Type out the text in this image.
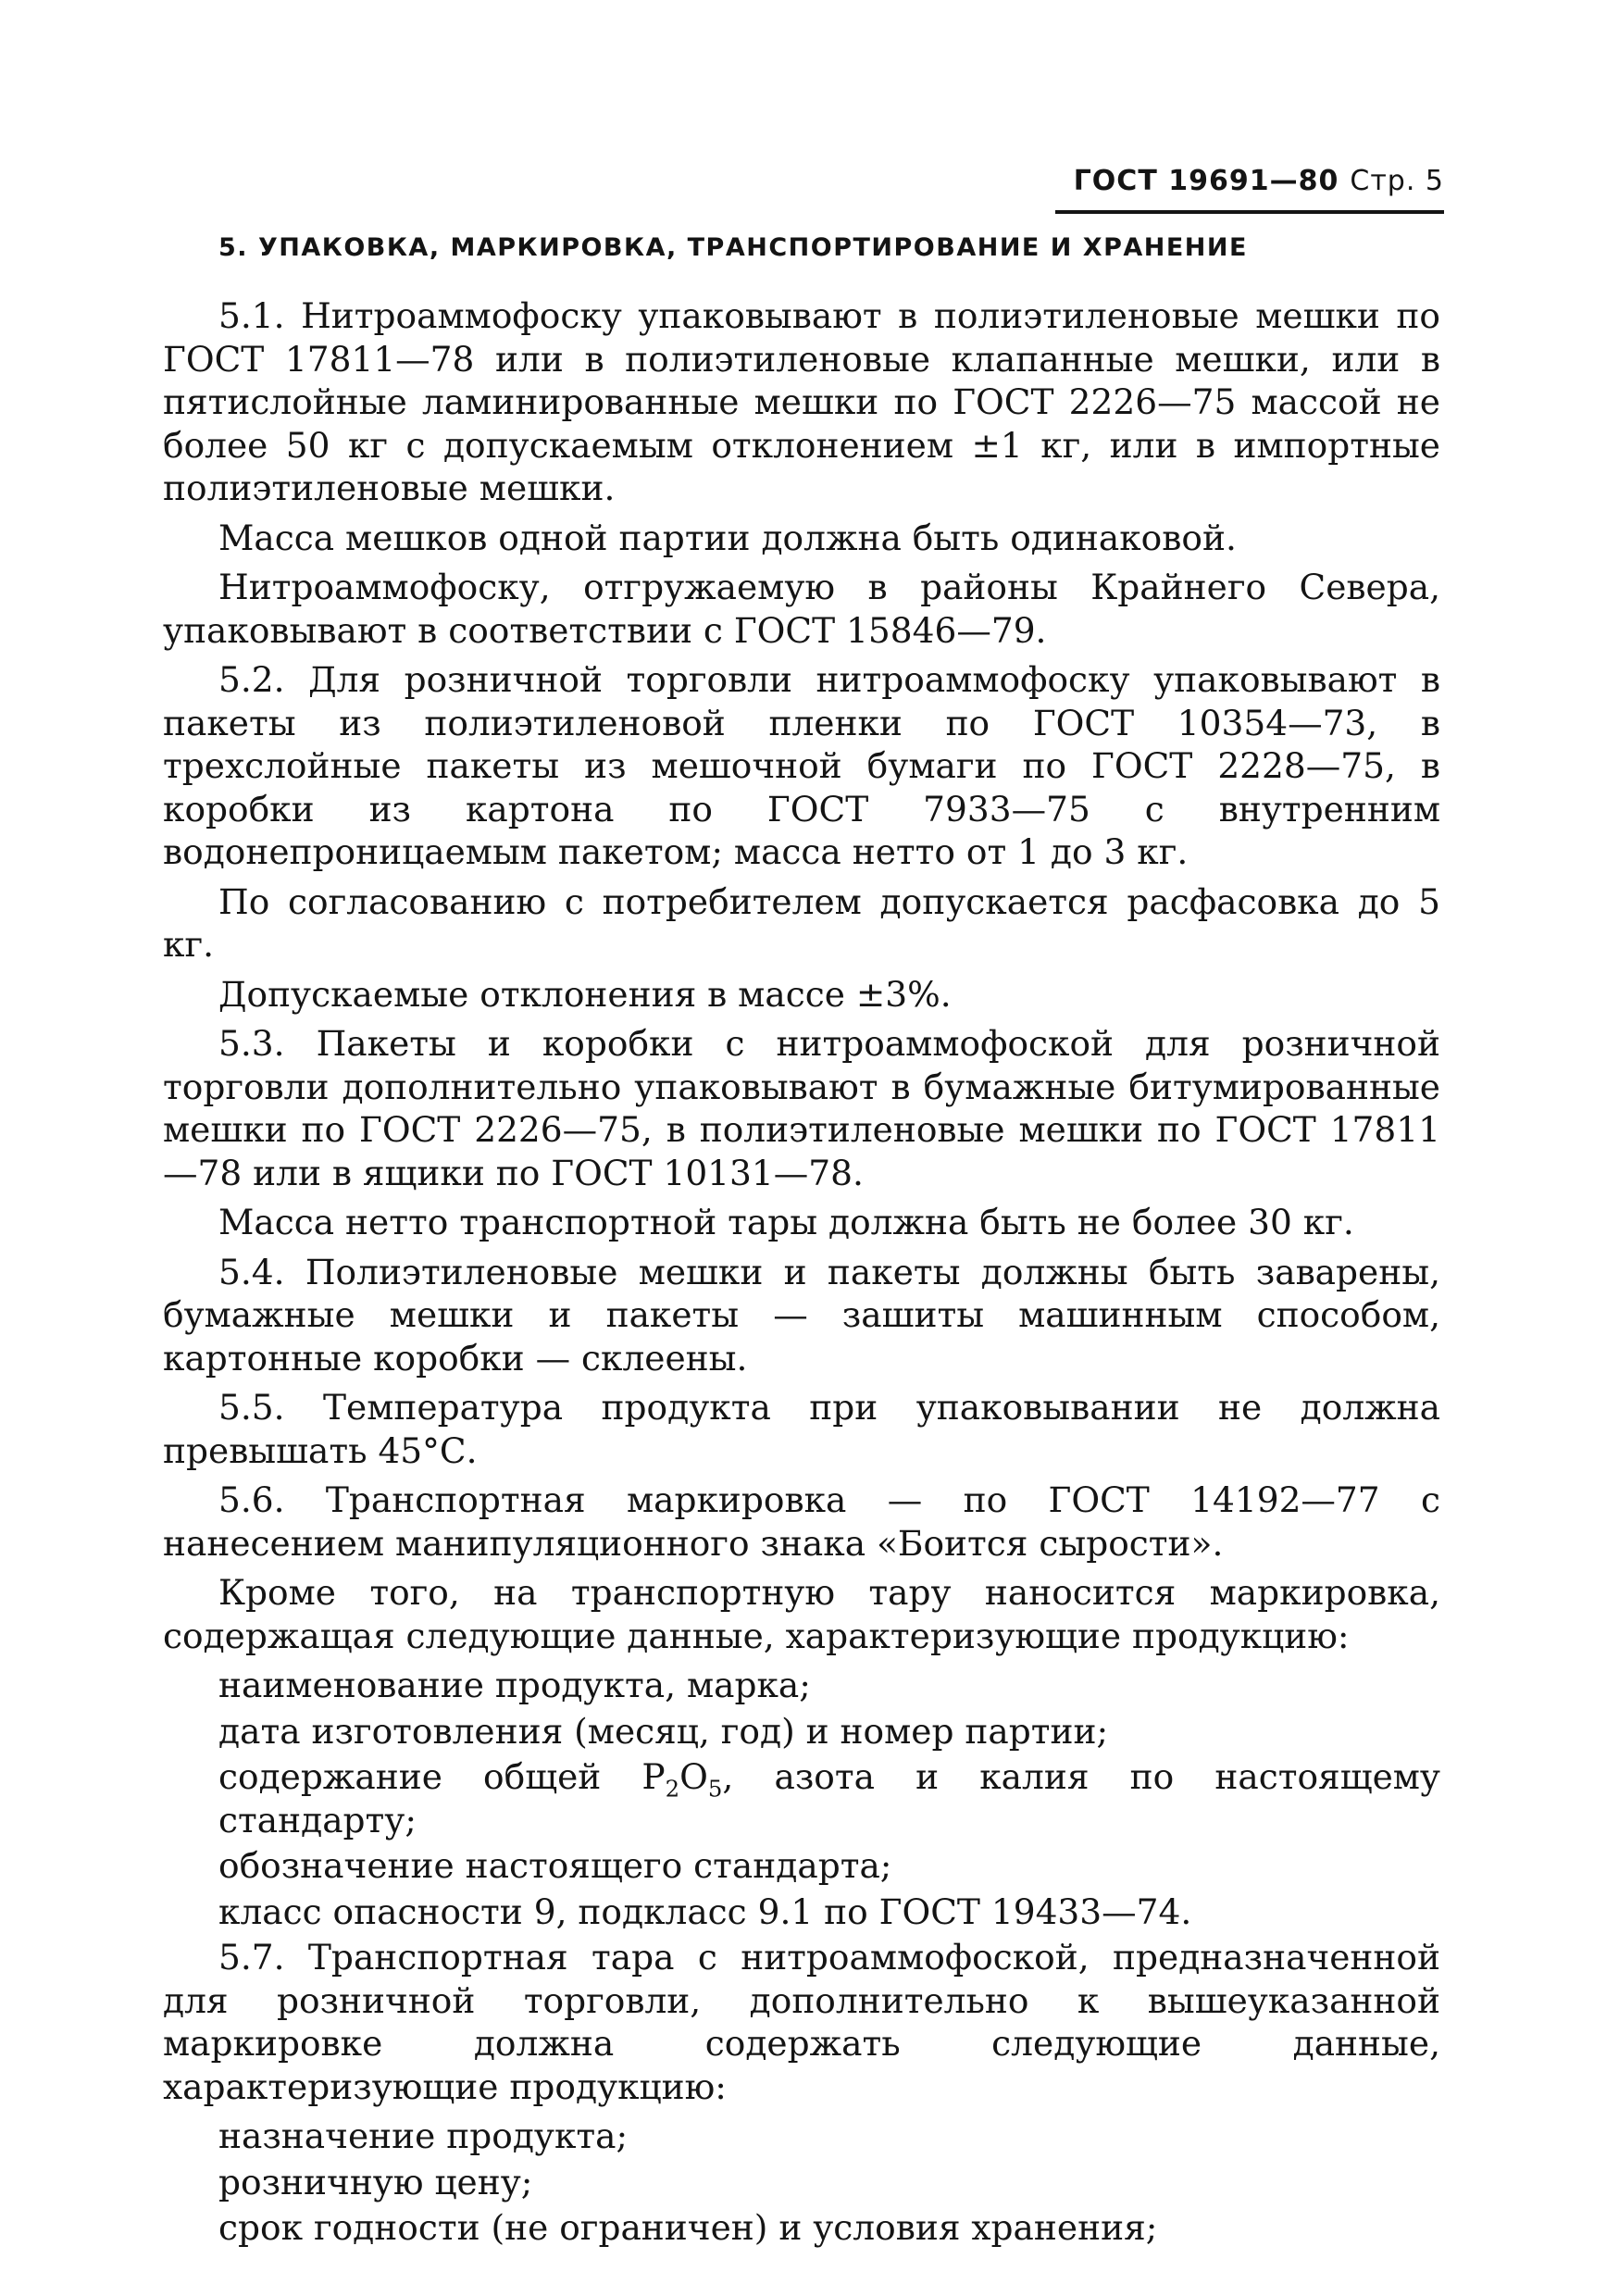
ГОСТ
19691—80 Стр. 5
5. УПАКОВКА, МАРКИРОВКА, ТРАНСПОРТИРОВАНИЕ И ХРАНЕНИЕ

5.1. Нитроаммофоску упаковывают в полиэтиленовые мешки по ГОСТ 17811—78 или в полиэтиленовые клапанные мешки, или в пятислойные ламинированные мешки по ГОСТ 2226—75 массой не более 50 кг с допускаемым отклонением ±1 кг, или в импортные полиэтиленовые мешки.

Масса мешков одной партии должна быть одинаковой.

Нитроаммофоску, отгружаемую в районы Крайнего Севера, упаковывают в соответствии с ГОСТ 15846—79.

5.2. Для розничной торговли нитроаммофоску упаковывают в пакеты из полиэтиленовой пленки по ГОСТ 10354—73, в трехслойные пакеты из мешочной бумаги по ГОСТ 2228—75, в коробки из картона по ГОСТ 7933—75 с внутренним водонепроницаемым пакетом; масса нетто от 1 до 3 кг.

По согласованию с потребителем допускается расфасовка до 5 кг.

Допускаемые отклонения в массе ±3%.

5.3. Пакеты и коробки с нитроаммофоской для розничной торговли дополнительно упаковывают в бумажные битумированные мешки по ГОСТ 2226—75, в полиэтиленовые мешки по ГОСТ 17811—78 или в ящики по ГОСТ 10131—78.

Масса нетто транспортной тары должна быть не более 30 кг.

5.4. Полиэтиленовые мешки и пакеты должны быть заварены, бумажные мешки и пакеты — зашиты машинным способом, картонные коробки — склеены.

5.5. Температура продукта при упаковывании не должна превышать 45°С.

5.6. Транспортная маркировка — по ГОСТ 14192—77 с нанесением манипуляционного знака «Боится сырости».

Кроме того, на транспортную тару наносится маркировка, содержащая следующие данные, характеризующие продукцию:

наименование продукта, марка;

дата изготовления (месяц, год) и номер партии;

содержание общей $Р_2О_5$, азота и калия по настоящему стандарту;

обозначение настоящего стандарта;

класс опасности 9, подкласс 9.1 по ГОСТ 19433—74.

5.7. Транспортная тара с нитроаммофоской, предназначенной для розничной торговли, дополнительно к вышеуказанной маркировке должна содержать следующие данные, характеризующие продукцию:

назначение продукта;

розничную цену;

срок годности (не ограничен) и условия хранения;
